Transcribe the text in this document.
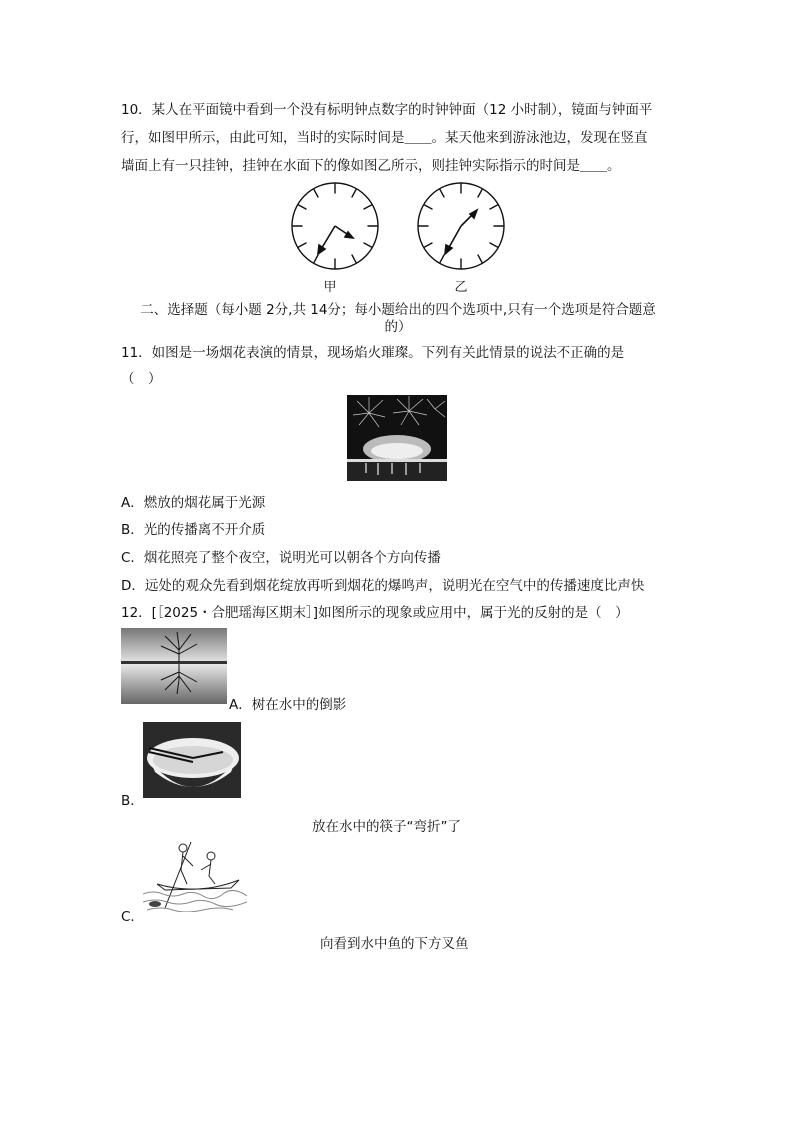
10．某人在平面镜中看到一个没有标明钟点数字的时钟钟面（12 小时制），镜面与钟面平

行，如图甲所示，由此可知，当时的实际时间是＿＿。某天他来到游泳池边，发现在竖直

墙面上有一只挂钟，挂钟在水面下的像如图乙所示，则挂钟实际指示的时间是＿＿。

甲	乙
二、选择题（每小题 2分,共 14分；每小题给出的四个选项中,只有一个选项是符合题意
的）
11．如图是一场烟花表演的情景，现场焰火璀璨。下列有关此情景的说法不正确的是
（　）
A．燃放的烟花属于光源
B．光的传播离不开介质
C．烟花照亮了整个夜空，说明光可以朝各个方向传播
D．远处的观众先看到烟花绽放再听到烟花的爆鸣声，说明光在空气中的传播速度比声快
12．[［2025・合肥瑶海区期末］]如图所示的现象或应用中，属于光的反射的是（　）
A．树在水中的倒影
B．
放在水中的筷子“弯折”了
C．
向看到水中鱼的下方叉鱼
